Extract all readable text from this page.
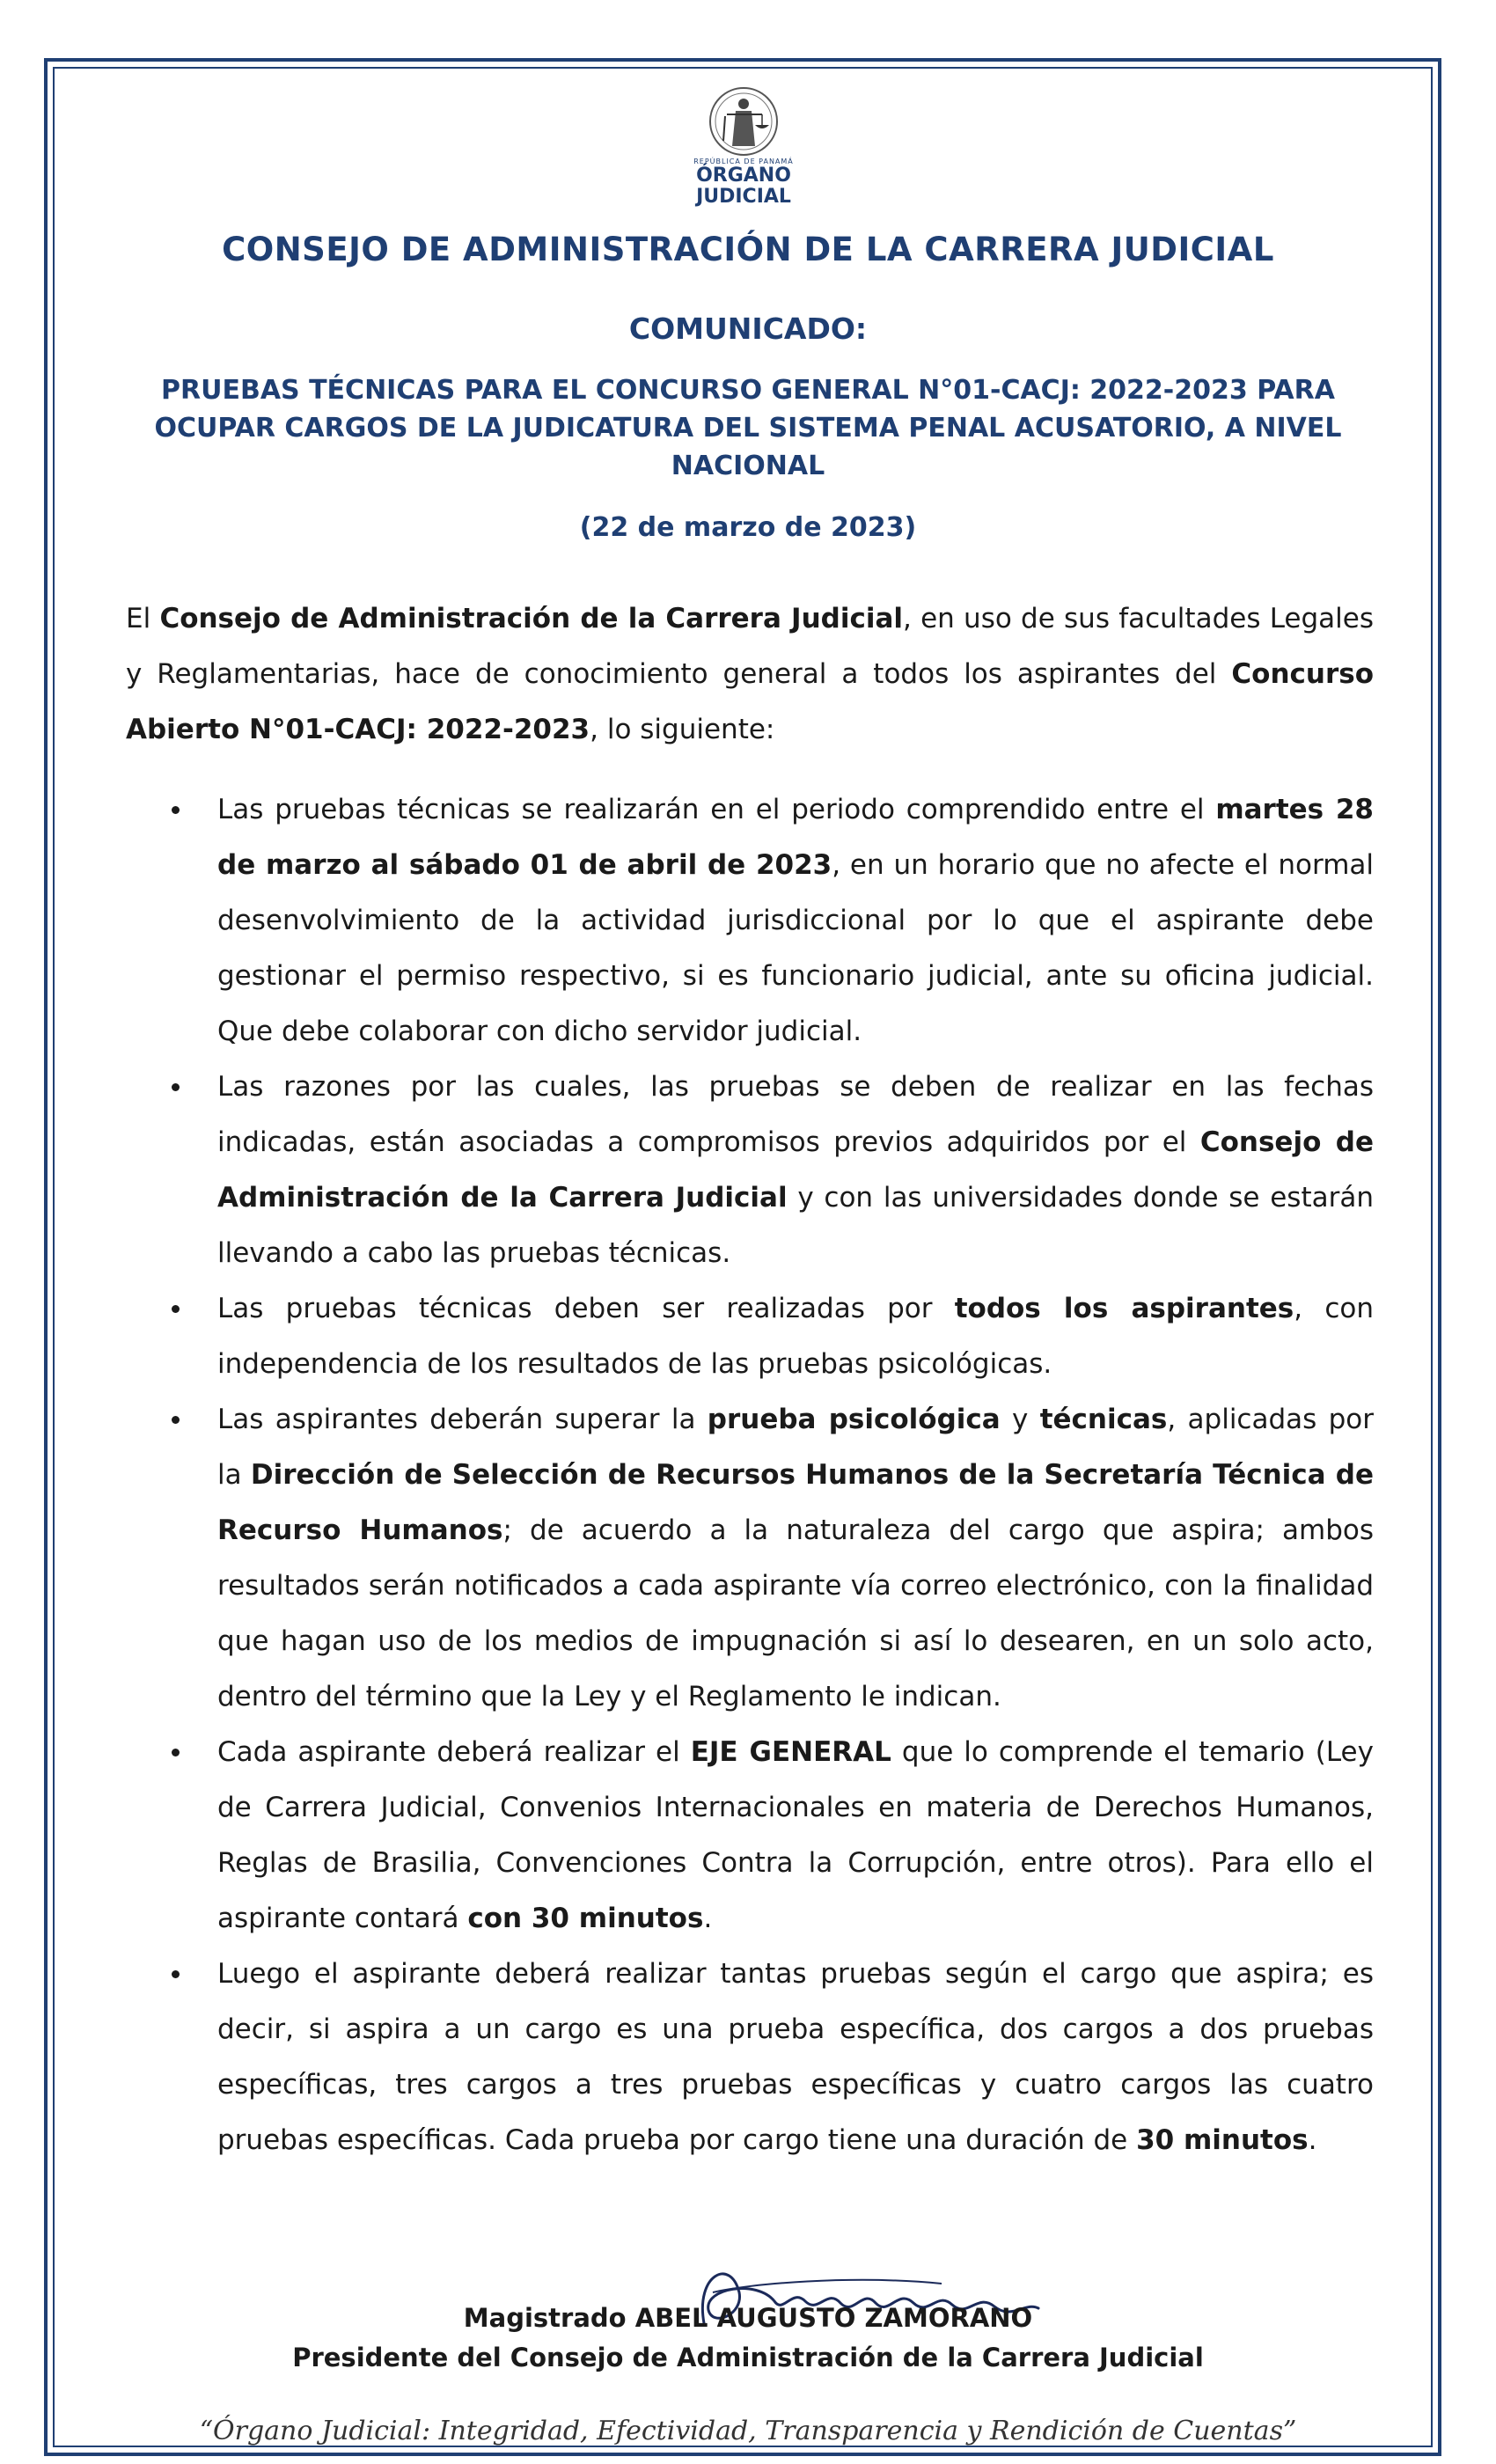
REPÚBLICA DE PANAMÁ
ÓRGANO
JUDICIAL
CONSEJO DE ADMINISTRACIÓN DE LA CARRERA JUDICIAL
COMUNICADO:
PRUEBAS TÉCNICAS PARA EL CONCURSO GENERAL N°01-CACJ: 2022-2023 PARA OCUPAR CARGOS DE LA JUDICATURA DEL SISTEMA PENAL ACUSATORIO, A NIVEL NACIONAL
(22 de marzo de 2023)
El Consejo de Administración de la Carrera Judicial, en uso de sus facultades Legales y Reglamentarias, hace de conocimiento general a todos los aspirantes del Concurso Abierto N°01-CACJ: 2022-2023, lo siguiente:
Las pruebas técnicas se realizarán en el periodo comprendido entre el martes 28 de marzo al sábado 01 de abril de 2023, en un horario que no afecte el normal desenvolvimiento de la actividad jurisdiccional por lo que el aspirante debe gestionar el permiso respectivo, si es funcionario judicial, ante su oficina judicial. Que debe colaborar con dicho servidor judicial.
Las razones por las cuales, las pruebas se deben de realizar en las fechas indicadas, están asociadas a compromisos previos adquiridos por el Consejo de Administración de la Carrera Judicial y con las universidades donde se estarán llevando a cabo las pruebas técnicas.
Las pruebas técnicas deben ser realizadas por todos los aspirantes, con independencia de los resultados de las pruebas psicológicas.
Las aspirantes deberán superar la prueba psicológica y técnicas, aplicadas por la Dirección de Selección de Recursos Humanos de la Secretaría Técnica de Recurso Humanos; de acuerdo a la naturaleza del cargo que aspira; ambos resultados serán notificados a cada aspirante vía correo electrónico, con la finalidad que hagan uso de los medios de impugnación si así lo desearen, en un solo acto, dentro del término que la Ley y el Reglamento le indican.
Cada aspirante deberá realizar el EJE GENERAL que lo comprende el temario (Ley de Carrera Judicial, Convenios Internacionales en materia de Derechos Humanos, Reglas de Brasilia, Convenciones Contra la Corrupción, entre otros). Para ello el aspirante contará con 30 minutos.
Luego el aspirante deberá realizar tantas pruebas según el cargo que aspira; es decir, si aspira a un cargo es una prueba específica, dos cargos a dos pruebas específicas, tres cargos a tres pruebas específicas y cuatro cargos las cuatro pruebas específicas. Cada prueba por cargo tiene una duración de 30 minutos.
Magistrado ABEL AUGUSTO ZAMORANO
Presidente del Consejo de Administración de la Carrera Judicial
“Órgano Judicial: Integridad, Efectividad, Transparencia y Rendición de Cuentas”
